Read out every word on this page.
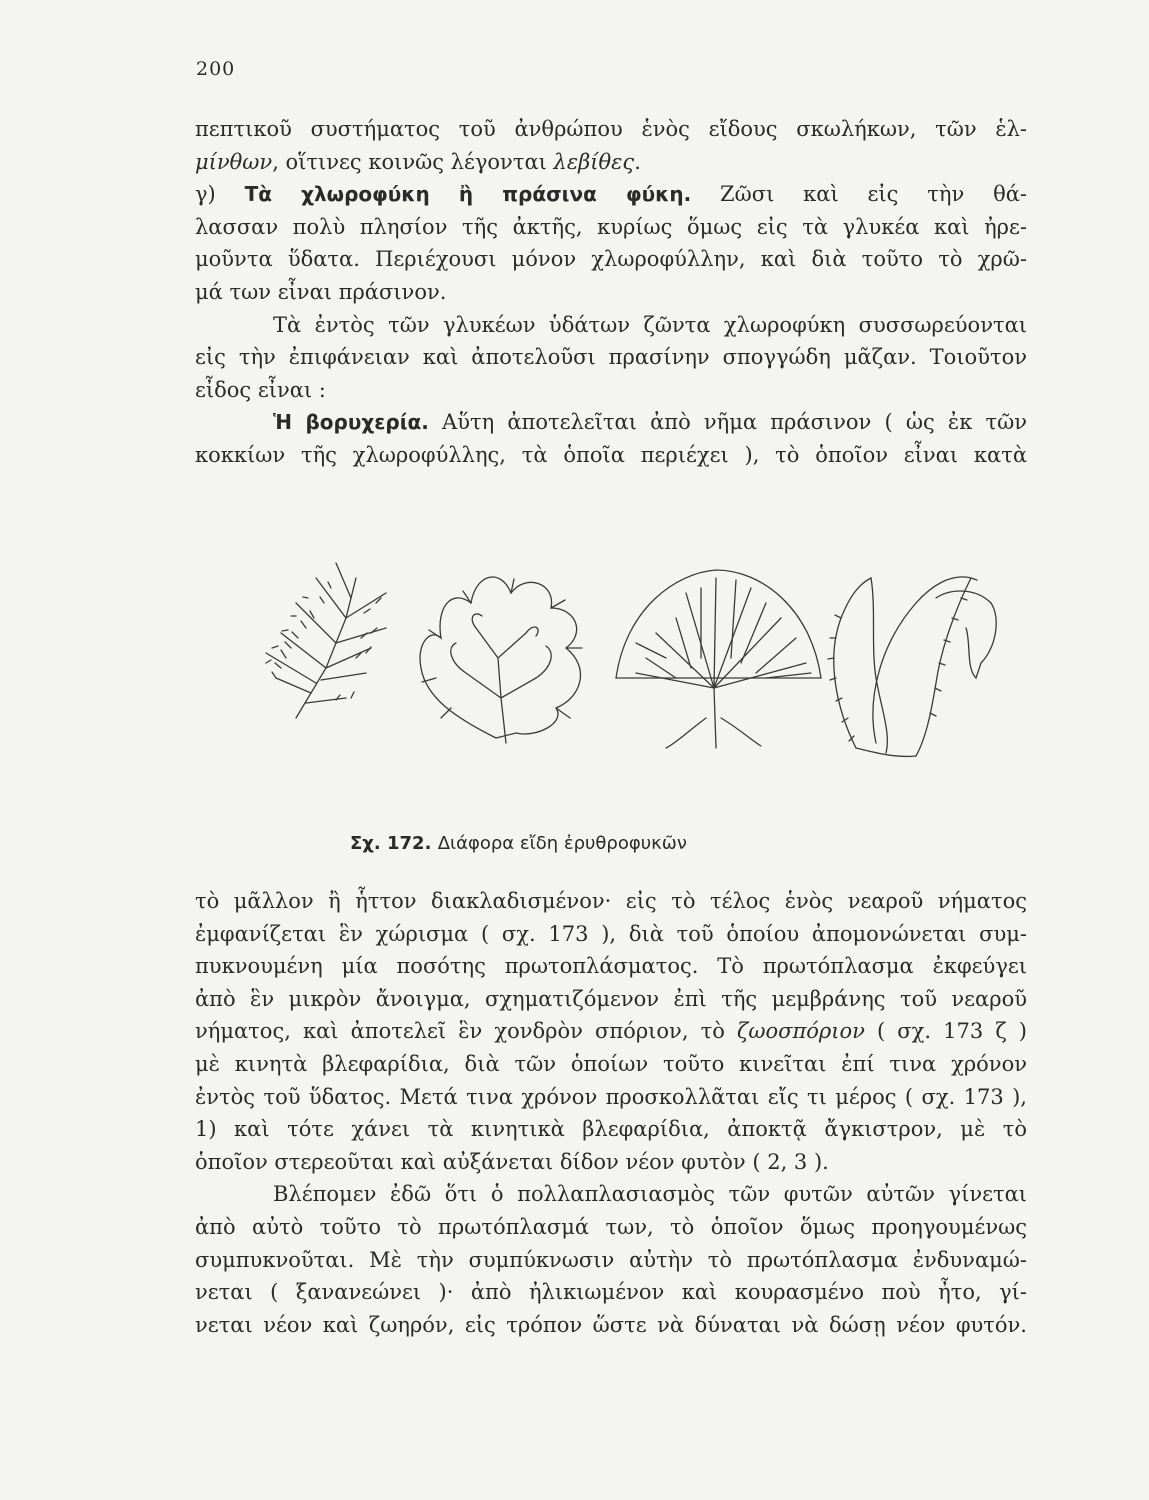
200
πεπτικοῦ συστήματος τοῦ ἀνθρώπου ἑνὸς εἴδους σκωλήκων, τῶν ἑλ-
μίνθων, οἵτινες κοινῶς λέγονται λεβίθες.
γ) Τὰ χλωροφύκη ἢ πράσινα φύκη. Ζῶσι καὶ εἰς τὴν θά-
λασσαν πολὺ πλησίον τῆς ἀκτῆς, κυρίως ὅμως εἰς τὰ γλυκέα καὶ ἠρε-
μοῦντα ὕδατα. Περιέχουσι μόνον χλωροφύλλην, καὶ διὰ τοῦτο τὸ χρῶ-
μά των εἶναι πράσινον.
Τὰ ἐντὸς τῶν γλυκέων ὑδάτων ζῶντα χλωροφύκη συσσωρεύονται
εἰς τὴν ἐπιφάνειαν καὶ ἀποτελοῦσι πρασίνην σπογγώδη μᾶζαν. Τοιοῦτον
εἶδος εἶναι :
Ἡ βορυχερία. Αὕτη ἀποτελεῖται ἀπὸ νῆμα πράσινον ( ὡς ἐκ τῶν
κοκκίων τῆς χλωροφύλλης, τὰ ὁποῖα περιέχει ), τὸ ὁποῖον εἶναι κατὰ
Σχ. 172. Διάφορα εἴδη ἐρυθροφυκῶν
τὸ μᾶλλον ἢ ἧττον διακλαδισμένον· εἰς τὸ τέλος ἑνὸς νεαροῦ νήματος
ἐμφανίζεται ἓν χώρισμα ( σχ. 173 ), διὰ τοῦ ὁποίου ἀπομονώνεται συμ-
πυκνουμένη μία ποσότης πρωτοπλάσματος. Τὸ πρωτόπλασμα ἐκφεύγει
ἀπὸ ἓν μικρὸν ἄνοιγμα, σχηματιζόμενον ἐπὶ τῆς μεμβράνης τοῦ νεαροῦ
νήματος, καὶ ἀποτελεῖ ἓν χονδρὸν σπόριον, τὸ ζωοσπόριον ( σχ. 173 ζ )
μὲ κινητὰ βλεφαρίδια, διὰ τῶν ὁποίων τοῦτο κινεῖται ἐπί τινα χρόνον
ἐντὸς τοῦ ὕδατος. Μετά τινα χρόνον προσκολλᾶται εἴς τι μέρος ( σχ. 173 ),
1) καὶ τότε χάνει τὰ κινητικὰ βλεφαρίδια, ἀποκτᾷ ἄγκιστρον, μὲ τὸ
ὁποῖον στερεοῦται καὶ αὐξάνεται δίδον νέον φυτὸν ( 2, 3 ).
Βλέπομεν ἐδῶ ὅτι ὁ πολλαπλασιασμὸς τῶν φυτῶν αὐτῶν γίνεται
ἀπὸ αὐτὸ τοῦτο τὸ πρωτόπλασμά των, τὸ ὁποῖον ὅμως προηγουμένως
συμπυκνοῦται. Μὲ τὴν συμπύκνωσιν αὐτὴν τὸ πρωτόπλασμα ἐνδυναμώ-
νεται ( ξανανεώνει )· ἀπὸ ἠλικιωμένον καὶ κουρασμένο ποὺ ἦτο, γί-
νεται νέον καὶ ζωηρόν, εἰς τρόπον ὥστε νὰ δύναται νὰ δώσῃ νέον φυτόν.
